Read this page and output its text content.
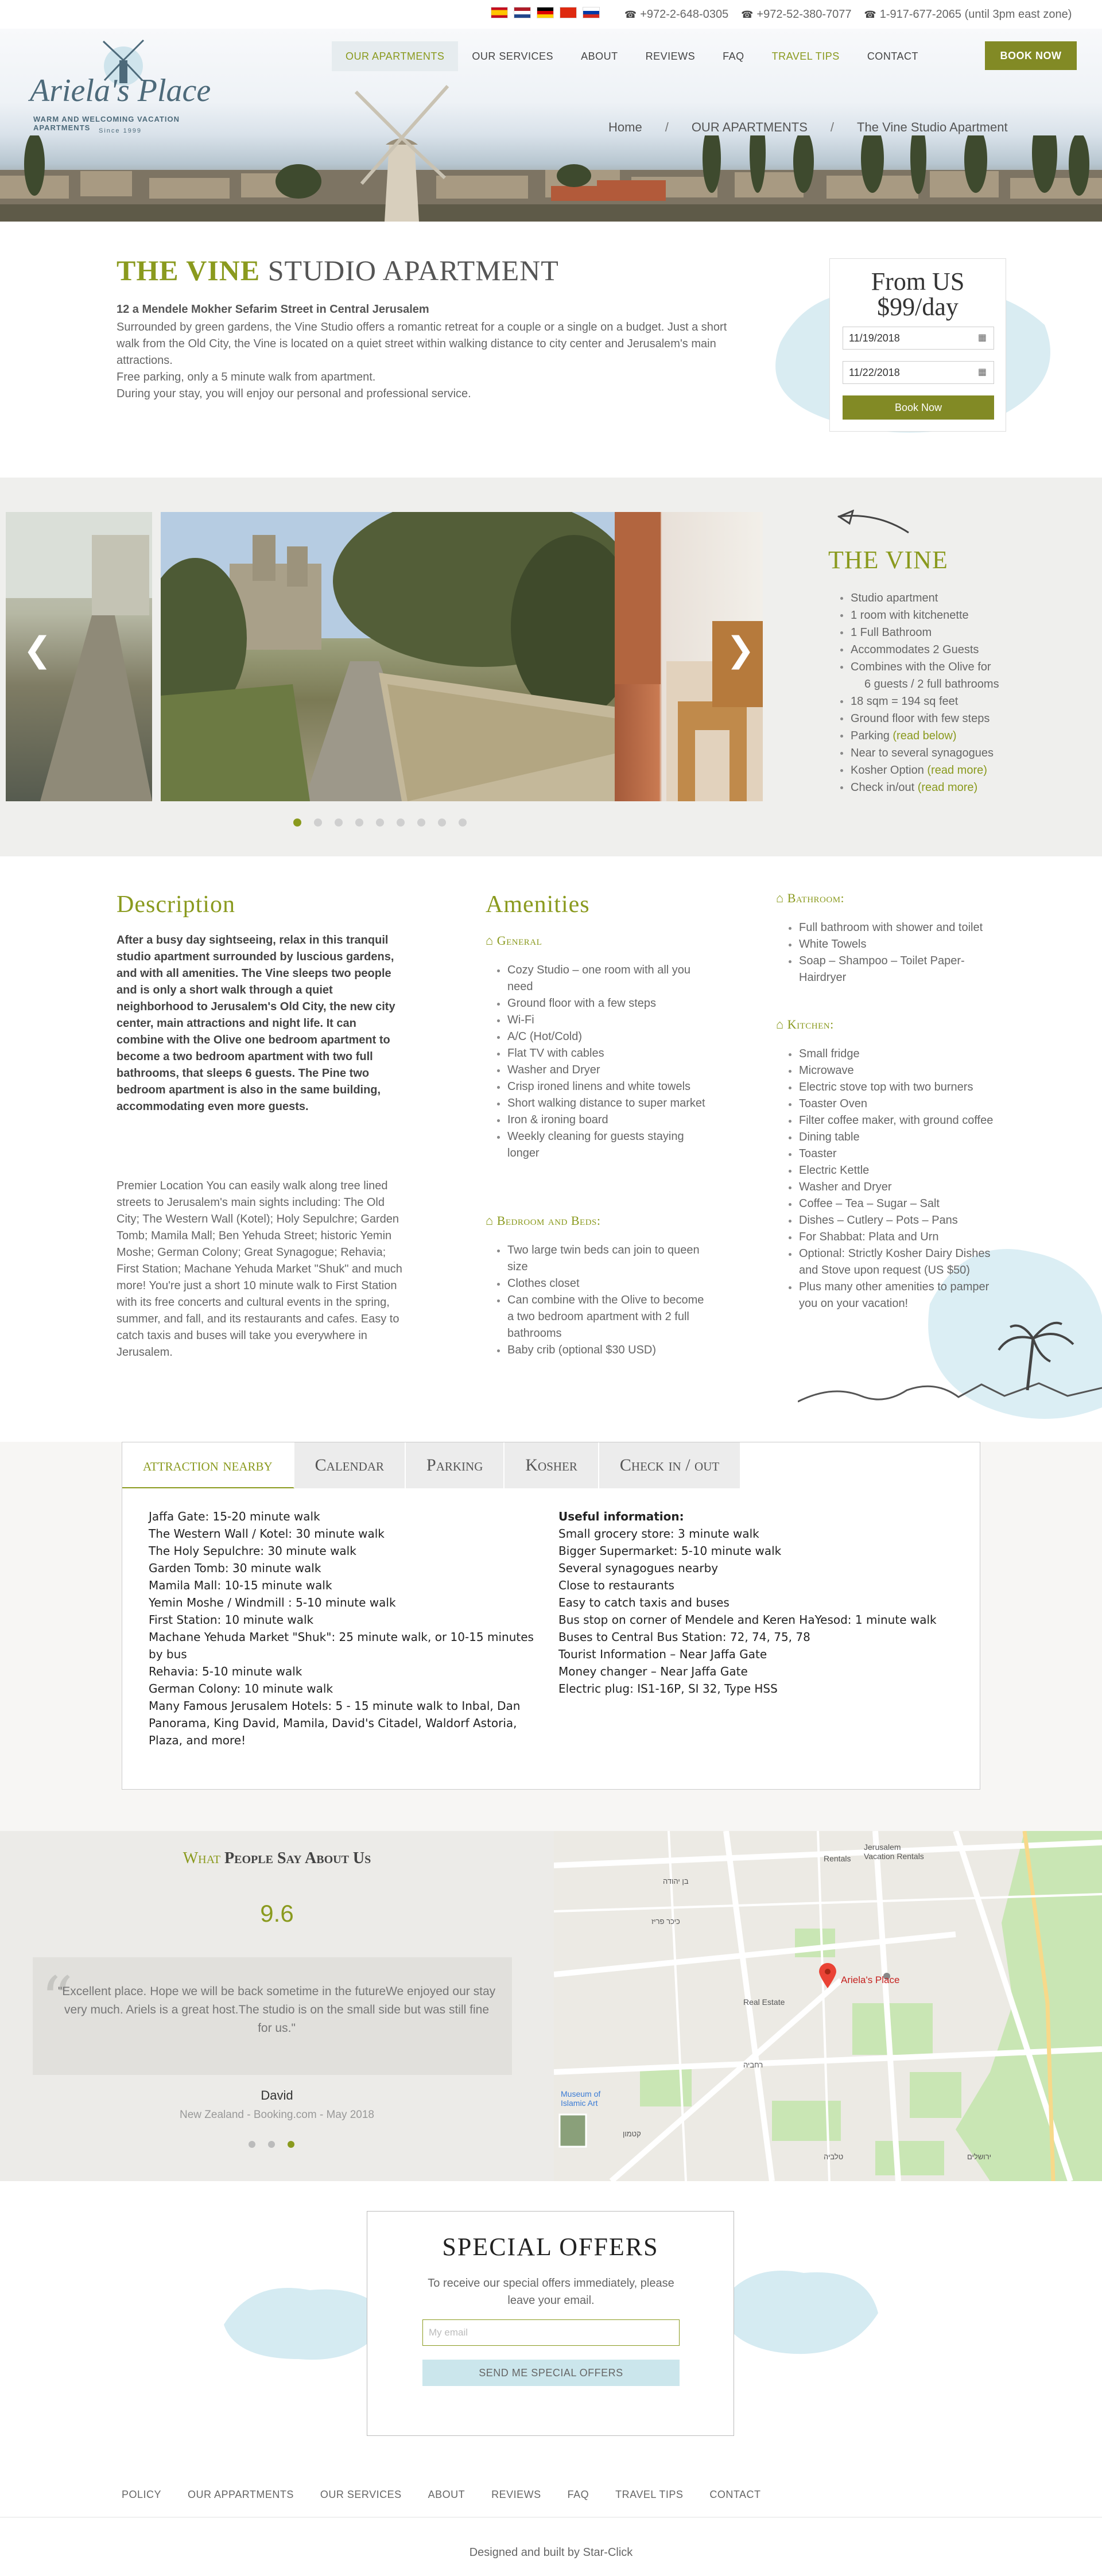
☎ +972-2-648-0305	☎ +972-52-380-7077	☎ 1-917-677-2065 (until 3pm east zone)
Ariela's Place
WARM AND WELCOMING VACATION APARTMENTS	Since 1999
OUR APARTMENTS	OUR SERVICES	ABOUT	REVIEWS	FAQ	TRAVEL TIPS	CONTACT	BOOK NOW
Home / OUR APARTMENTS / The Vine Studio Apartment
THE VINE STUDIO APARTMENT
12 a Mendele Mokher Sefarim Street in Central Jerusalem

Surrounded by green gardens, the Vine Studio offers a romantic retreat for a couple or a single on a budget. Just a short walk from the Old City, the Vine is located on a quiet street within walking distance to city center and Jerusalem's main attractions.

Free parking, only a 5 minute walk from apartment.

During your stay, you will enjoy our personal and professional service.

From US
$99/day
11/19/2018	▦
11/22/2018	▦
Book Now
❮	❯
THE VINE
Studio apartment
1 room with kitchenette
1 Full Bathroom
Accommodates 2 Guests
Combines with the Olive for
6 guests / 2 full bathrooms
18 sqm = 194 sq feet
Ground floor with few steps
Parking (read below)
Near to several synagogues
Kosher Option (read more)
Check in/out (read more)
Description
After a busy day sightseeing, relax in this tranquil studio apartment surrounded by luscious gardens, and with all amenities. The Vine sleeps two people and is only a short walk through a quiet neighborhood to Jerusalem's Old City, the new city center, main attractions and night life. It can combine with the Olive one bedroom apartment to become a two bedroom apartment with two full bathrooms, that sleeps 6 guests. The Pine two bedroom apartment is also in the same building, accommodating even more guests.
Premier Location You can easily walk along tree lined streets to Jerusalem's main sights including: The Old City; The Western Wall (Kotel); Holy Sepulchre; Garden Tomb; Mamila Mall; Ben Yehuda Street; historic Yemin Moshe; German Colony; Great Synagogue; Rehavia; First Station; Machane Yehuda Market "Shuk" and much more! You're just a short 10 minute walk to First Station with its free concerts and cultural events in the spring, summer, and fall, and its restaurants and cafes. Easy to catch taxis and buses will take you everywhere in Jerusalem.
Amenities
⌂ General
Cozy Studio – one room with all you need
Ground floor with a few steps
Wi-Fi
A/C (Hot/Cold)
Flat TV with cables
Washer and Dryer
Crisp ironed linens and white towels
Short walking distance to super market
Iron & ironing board
Weekly cleaning for guests staying longer
⌂ Bedroom and Beds:
Two large twin beds can join to queen size
Clothes closet
Can combine with the Olive to become a two bedroom apartment with 2 full bathrooms
Baby crib (optional $30 USD)
⌂ Bathroom:
Full bathroom with shower and toilet
White Towels
Soap – Shampoo – Toilet Paper- Hairdryer
⌂ Kitchen:
Small fridge
Microwave
Electric stove top with two burners
Toaster Oven
Filter coffee maker, with ground coffee
Dining table
Toaster
Electric Kettle
Washer and Dryer
Coffee – Tea – Sugar – Salt
Dishes – Cutlery – Pots – Pans
For Shabbat: Plata and Urn
Optional: Strictly Kosher Dairy Dishes and Stove upon request (US $50)
Plus many other amenities to pamper you on your vacation!
attraction nearby	Calendar	Parking	Kosher	Check in / out
Jaffa Gate: 15-20 minute walk
The Western Wall / Kotel: 30 minute walk
The Holy Sepulchre: 30 minute walk
Garden Tomb: 30 minute walk
Mamila Mall: 10-15 minute walk
Yemin Moshe / Windmill : 5-10 minute walk
First Station: 10 minute walk
Machane Yehuda Market "Shuk": 25 minute walk, or 10-15 minutes by bus
Rehavia: 5-10 minute walk
German Colony: 10 minute walk
Many Famous Jerusalem Hotels: 5 - 15 minute walk to Inbal, Dan Panorama, King David, Mamila, David's Citadel, Waldorf Astoria, Plaza, and more!
Useful information:
Small grocery store: 3 minute walk
Bigger Supermarket: 5-10 minute walk
Several synagogues nearby
Close to restaurants
Easy to catch taxis and buses
Bus stop on corner of Mendele and Keren HaYesod: 1 minute walk
Buses to Central Bus Station: 72, 74, 75, 78
Tourist Information – Near Jaffa Gate
Money changer – Near Jaffa Gate
Electric plug: IS1-16P, SI 32, Type HSS
What People Say About Us
9.6
“
"Excellent place. Hope we will be back sometime in the futureWe enjoyed our stay very much. Ariels is a great host.The studio is on the small side but was still fine for us."
David
New Zealand - Booking.com - May 2018
Ariela's Place
Rentals
Jerusalem Vacation Rentals
Real Estate
Museum of Islamic Art
בן יהודה
כיכר פריז
רחביה
טלביה
קטמון
ירושלים
SPECIAL OFFERS
To receive our special offers immediately, please leave your email.
My email
SEND ME SPECIAL OFFERS
POLICY	OUR APPARTMENTS	OUR SERVICES	ABOUT	REVIEWS	FAQ	TRAVEL TIPS	CONTACT
Designed and built by Star-Click
